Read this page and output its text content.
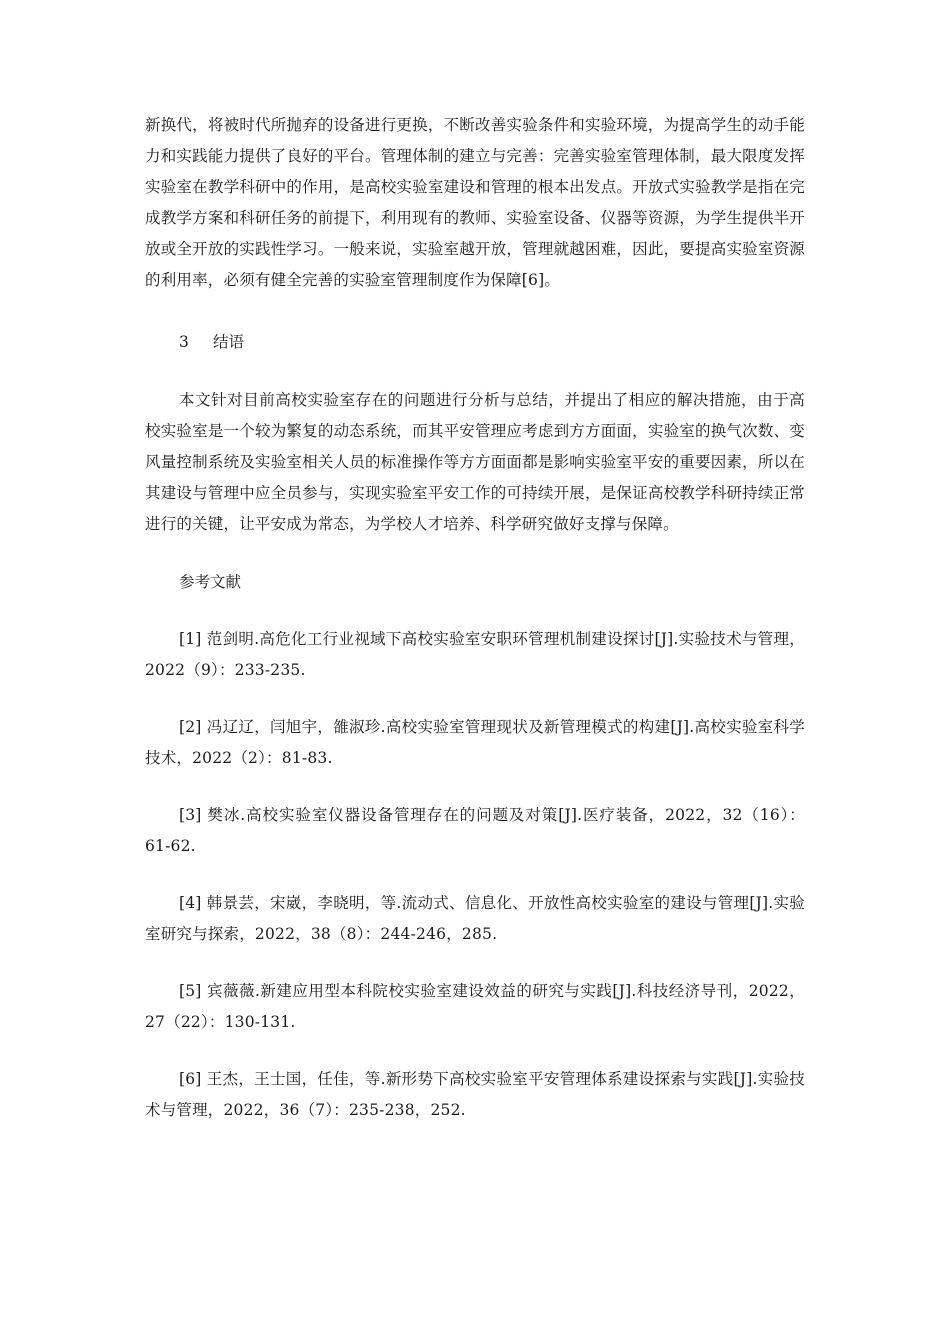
新换代，将被时代所抛弃的设备进行更换，不断改善实验条件和实验环境，为提高学生的动手能力和实践能力提供了良好的平台。管理体制的建立与完善：完善实验室管理体制，最大限度发挥实验室在教学科研中的作用，是高校实验室建设和管理的根本出发点。开放式实验教学是指在完成教学方案和科研任务的前提下，利用现有的教师、实验室设备、仪器等资源，为学生提供半开放或全开放的实践性学习。一般来说，实验室越开放，管理就越困难，因此，要提高实验室资源的利用率，必须有健全完善的实验室管理制度作为保障[6]。

3 结语

本文针对目前高校实验室存在的问题进行分析与总结，并提出了相应的解决措施，由于高校实验室是一个较为繁复的动态系统，而其平安管理应考虑到方方面面，实验室的换气次数、变风量控制系统及实验室相关人员的标准操作等方方面面都是影响实验室平安的重要因素，所以在其建设与管理中应全员参与，实现实验室平安工作的可持续开展，是保证高校教学科研持续正常进行的关键，让平安成为常态，为学校人才培养、科学研究做好支撑与保障。

参考文献

[1] 范剑明.高危化工行业视域下高校实验室安职环管理机制建设探讨[J].实验技术与管理，2022（9）：233-235.

[2] 冯辽辽，闫旭宇，雒淑珍.高校实验室管理现状及新管理模式的构建[J].高校实验室科学技术，2022（2）：81-83.

[3] 樊冰.高校实验室仪器设备管理存在的问题及对策[J].医疗装备，2022，32（16）：61-62.

[4] 韩景芸，宋崴，李晓明，等.流动式、信息化、开放性高校实验室的建设与管理[J].实验室研究与探索，2022，38（8）：244-246，285.

[5] 宾薇薇.新建应用型本科院校实验室建设效益的研究与实践[J].科技经济导刊，2022，27（22）：130-131.

[6] 王杰，王士国，任佳，等.新形势下高校实验室平安管理体系建设探索与实践[J].实验技术与管理，2022，36（7）：235-238，252.
